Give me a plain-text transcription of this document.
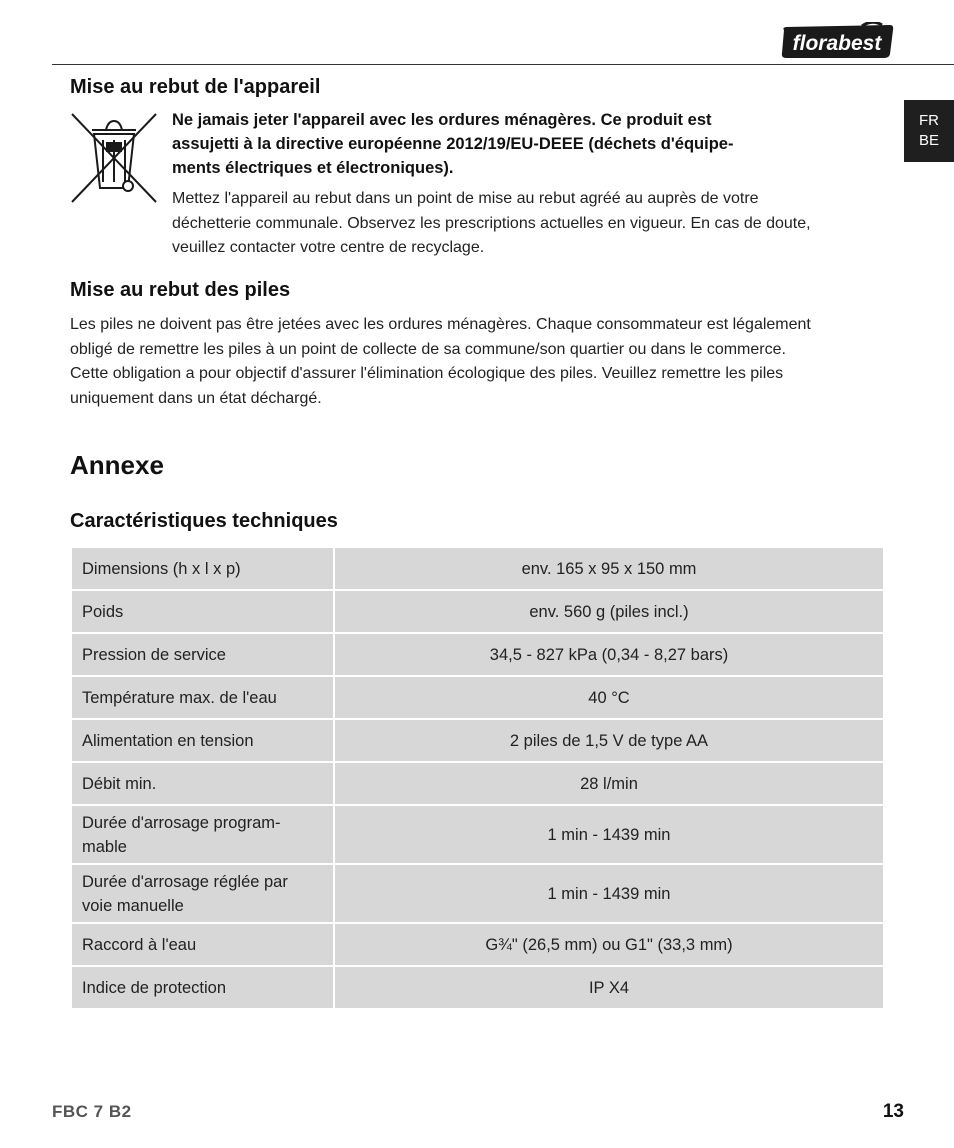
florabest
FR
BE
Mise au rebut de l'appareil
Ne jamais jeter l'appareil avec les ordures ménagères. Ce produit est
assujetti à la directive européenne 2012/19/EU-DEEE (déchets d'équipe-
ments électriques et électroniques).
Mettez l'appareil au rebut dans un point de mise au rebut agréé au auprès de votre
déchetterie communale. Observez les prescriptions actuelles en vigueur. En cas de doute,
veuillez contacter votre centre de recyclage.
Mise au rebut des piles
Les piles ne doivent pas être jetées avec les ordures ménagères. Chaque consommateur est légalement
obligé de remettre les piles à un point de collecte de sa commune/son quartier ou dans le commerce.
Cette obligation a pour objectif d'assurer l'élimination écologique des piles. Veuillez remettre les piles
uniquement dans un état déchargé.
Annexe
Caractéristiques techniques
Dimensions (h x l x p)	env. 165 x 95 x 150 mm
Poids	env. 560 g (piles incl.)
Pression de service	34,5 - 827 kPa (0,34 - 8,27 bars)
Température max. de l'eau	40 °C
Alimentation en tension	2 piles de 1,5 V de type AA
Débit min.	28 l/min
Durée d'arrosage program-
mable	1 min - 1439 min
Durée d'arrosage réglée par
voie manuelle	1 min - 1439 min
Raccord à l'eau	G¾" (26,5 mm) ou G1" (33,3 mm)
Indice de protection	IP X4
FBC 7 B2	13
